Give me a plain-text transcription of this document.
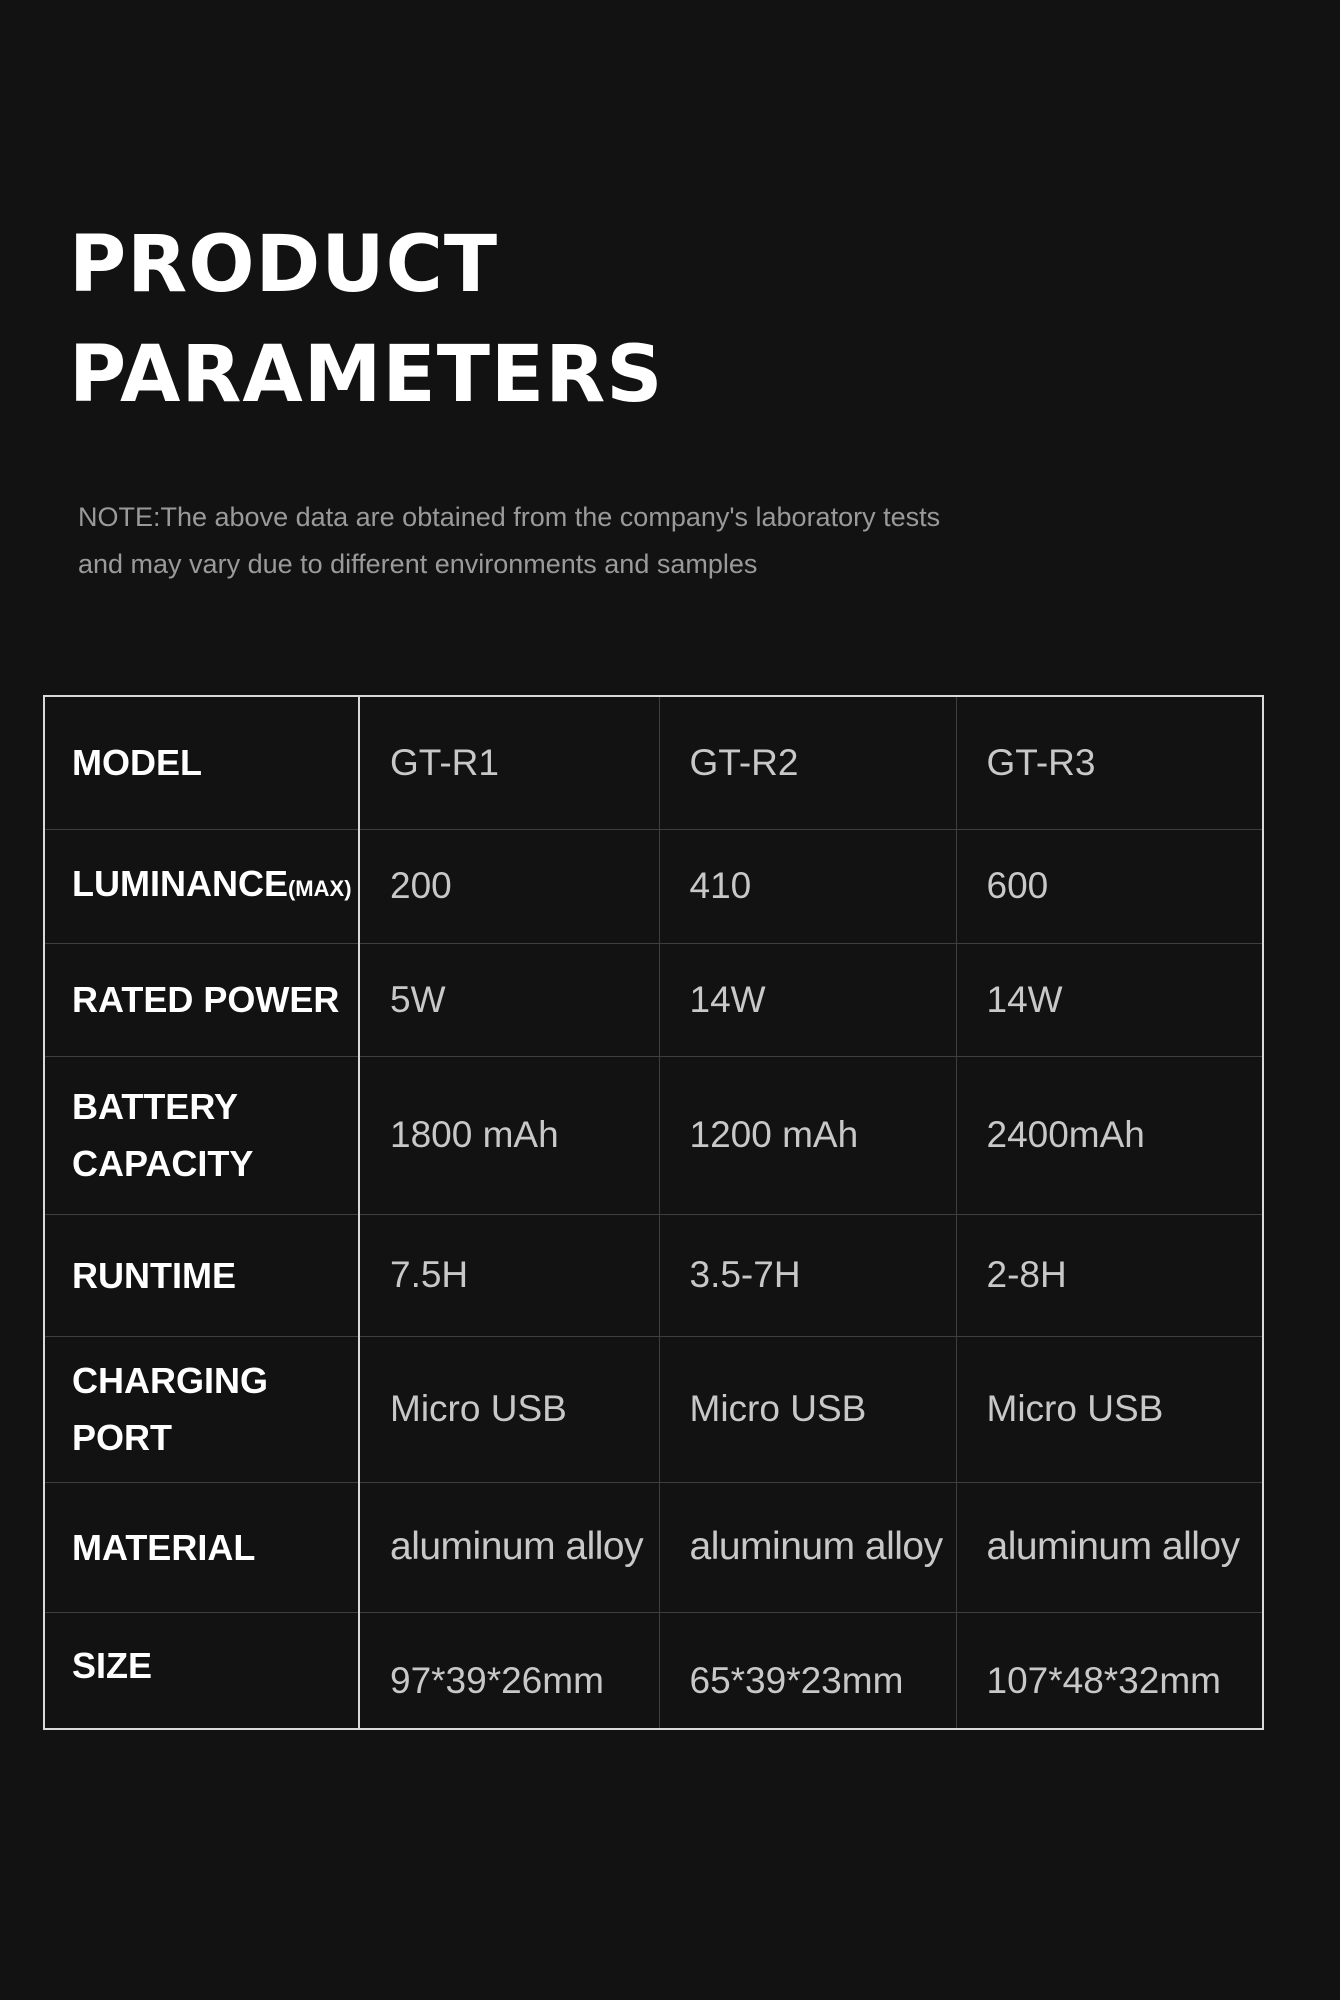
PRODUCT
PARAMETERS

NOTE:The above data are obtained from the company's laboratory tests
and may vary due to different environments and samples

MODEL	GT-R1	GT-R2	GT-R3
LUMINANCE(MAX)	200	410	600
RATED POWER	5W	14W	14W
BATTERY CAPACITY	1800 mAh	1200 mAh	2400mAh
RUNTIME	7.5H	3.5-7H	2-8H
CHARGING PORT	Micro USB	Micro USB	Micro USB
MATERIAL	aluminum alloy	aluminum alloy	aluminum alloy
SIZE	97*39*26mm	65*39*23mm	107*48*32mm
